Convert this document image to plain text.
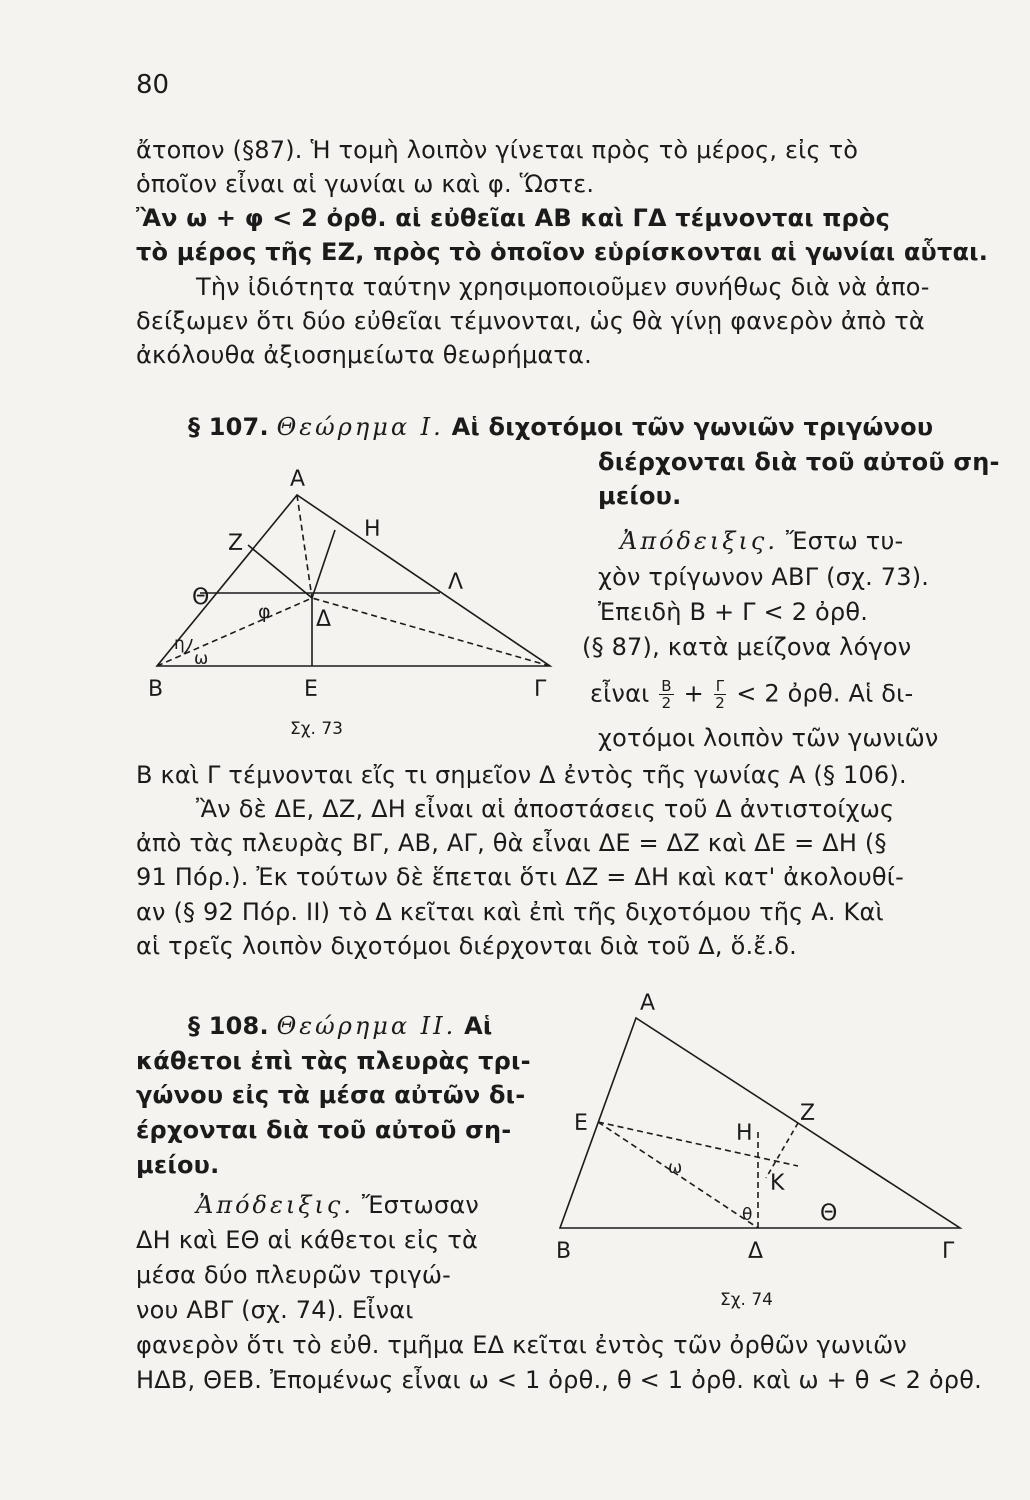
80
ἄτοπον (§87). Ἡ τομὴ λοιπὸν γίνεται πρὸς τὸ μέρος, εἰς τὸ
ὁποῖον εἶναι αἱ γωνίαι ω καὶ φ. Ὥστε.
Ἂν ω + φ < 2 ὀρθ. αἱ εὐθεῖαι ΑΒ καὶ ΓΔ τέμνονται πρὸς
τὸ μέρος τῆς ΕΖ, πρὸς τὸ ὁποῖον εὑρίσκονται αἱ γωνίαι αὗται.
Τὴν ἰδιότητα ταύτην χρησιμοποιοῦμεν συνήθως διὰ νὰ ἀπο-
δείξωμεν ὅτι δύο εὐθεῖαι τέμνονται, ὡς θὰ γίνῃ φανερὸν ἀπὸ τὰ
ἀκόλουθα ἀξιοσημείωτα θεωρήματα.
§ 107. Θεώρημα Ι. Αἱ διχοτόμοι τῶν γωνιῶν τριγώνου
διέρχονται διὰ τοῦ αὐτοῦ ση-
μείου.
Ἀπόδειξις. Ἔστω τυ-
χὸν τρίγωνον ΑΒΓ (σχ. 73).
Ἐπειδὴ Β + Γ < 2 ὀρθ.
(§ 87), κατὰ μείζονα λόγον
εἶναι $\frac{B}{2} + \frac{\Gamma}{2} < 2$ ὀρθ. Αἱ δι-
χοτόμοι λοιπὸν τῶν γωνιῶν
Β καὶ Γ τέμνονται εἴς τι σημεῖον Δ ἐντὸς τῆς γωνίας Α (§ 106).
Ἂν δὲ ΔΕ, ΔΖ, ΔΗ εἶναι αἱ ἀποστάσεις τοῦ Δ ἀντιστοίχως
ἀπὸ τὰς πλευρὰς ΒΓ, ΑΒ, ΑΓ, θὰ εἶναι ΔΕ = ΔΖ καὶ ΔΕ = ΔΗ (§
91 Πόρ.). Ἐκ τούτων δὲ ἕπεται ὅτι ΔΖ = ΔΗ καὶ κατ' ἀκολουθί-
αν (§ 92 Πόρ. ΙΙ) τὸ Δ κεῖται καὶ ἐπὶ τῆς διχοτόμου τῆς Α. Καὶ
αἱ τρεῖς λοιπὸν διχοτόμοι διέρχονται διὰ τοῦ Δ, ὅ.ἔ.δ.
Α
Ζ
Η
Θ
Λ
φ Δ
η
ω
Β	Ε	Γ
Σχ. 73
§ 108. Θεώρημα ΙΙ. Αἱ
κάθετοι ἐπὶ τὰς πλευρὰς τρι-
γώνου εἰς τὰ μέσα αὐτῶν δι-
έρχονται διὰ τοῦ αὐτοῦ ση-
μείου.
Ἀπόδειξις. Ἔστωσαν
ΔΗ καὶ ΕΘ αἱ κάθετοι εἰς τὰ
μέσα δύο πλευρῶν τριγώ-
νου ΑΒΓ (σχ. 74). Εἶναι
φανερὸν ὅτι τὸ εὐθ. τμῆμα ΕΔ κεῖται ἐντὸς τῶν ὀρθῶν γωνιῶν
ΗΔΒ, ΘΕΒ. Ἐπομένως εἶναι ω < 1 ὀρθ., θ < 1 ὀρθ. καὶ ω + θ < 2 ὀρθ.
Α
Ζ
Ε	Η
ω
Κ
θ	Θ
Β	Δ	Γ
Σχ. 74
